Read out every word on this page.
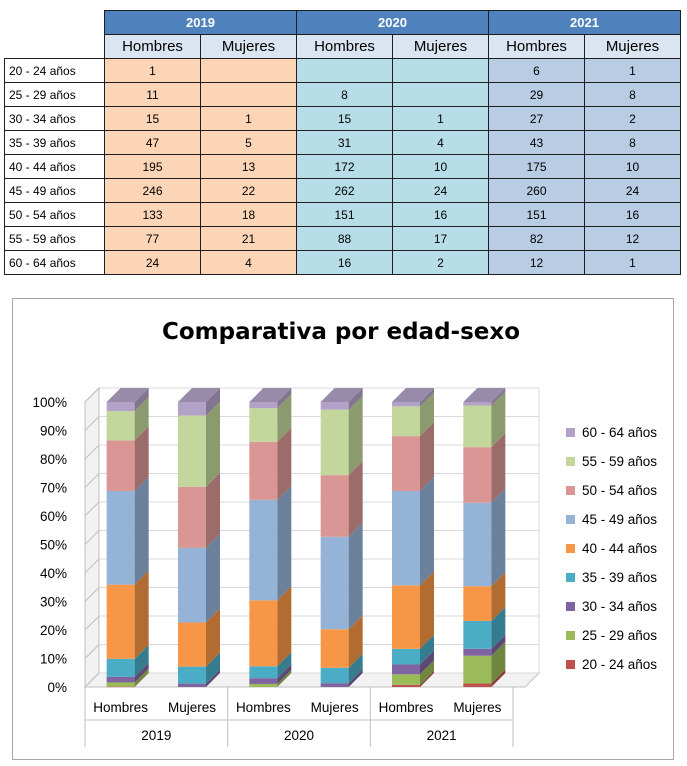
	2019		2020		2021	
	Hombres	Mujeres	Hombres	Mujeres	Hombres	Mujeres
20 - 24 años	1				6	1
25 - 29 años	11		8		29	8
30 - 34 años	15	1	15	1	27	2
35 - 39 años	47	5	31	4	43	8
40 - 44 años	195	13	172	10	175	10
45 - 49 años	246	22	262	24	260	24
50 - 54 años	133	18	151	16	151	16
55 - 59 años	77	21	88	17	82	12
60 - 64 años	24	4	16	2	12	1
Comparativa por edad-sexo
0%
10%
20%
30%
40%
50%
60%
70%
80%
90%
100%
Hombres Mujeres Hombres Mujeres Hombres Mujeres
2019	2020	2021
60 - 64 años
55 - 59 años
50 - 54 años
45 - 49 años
40 - 44 años
35 - 39 años
30 - 34 años
25 - 29 años
20 - 24 años
